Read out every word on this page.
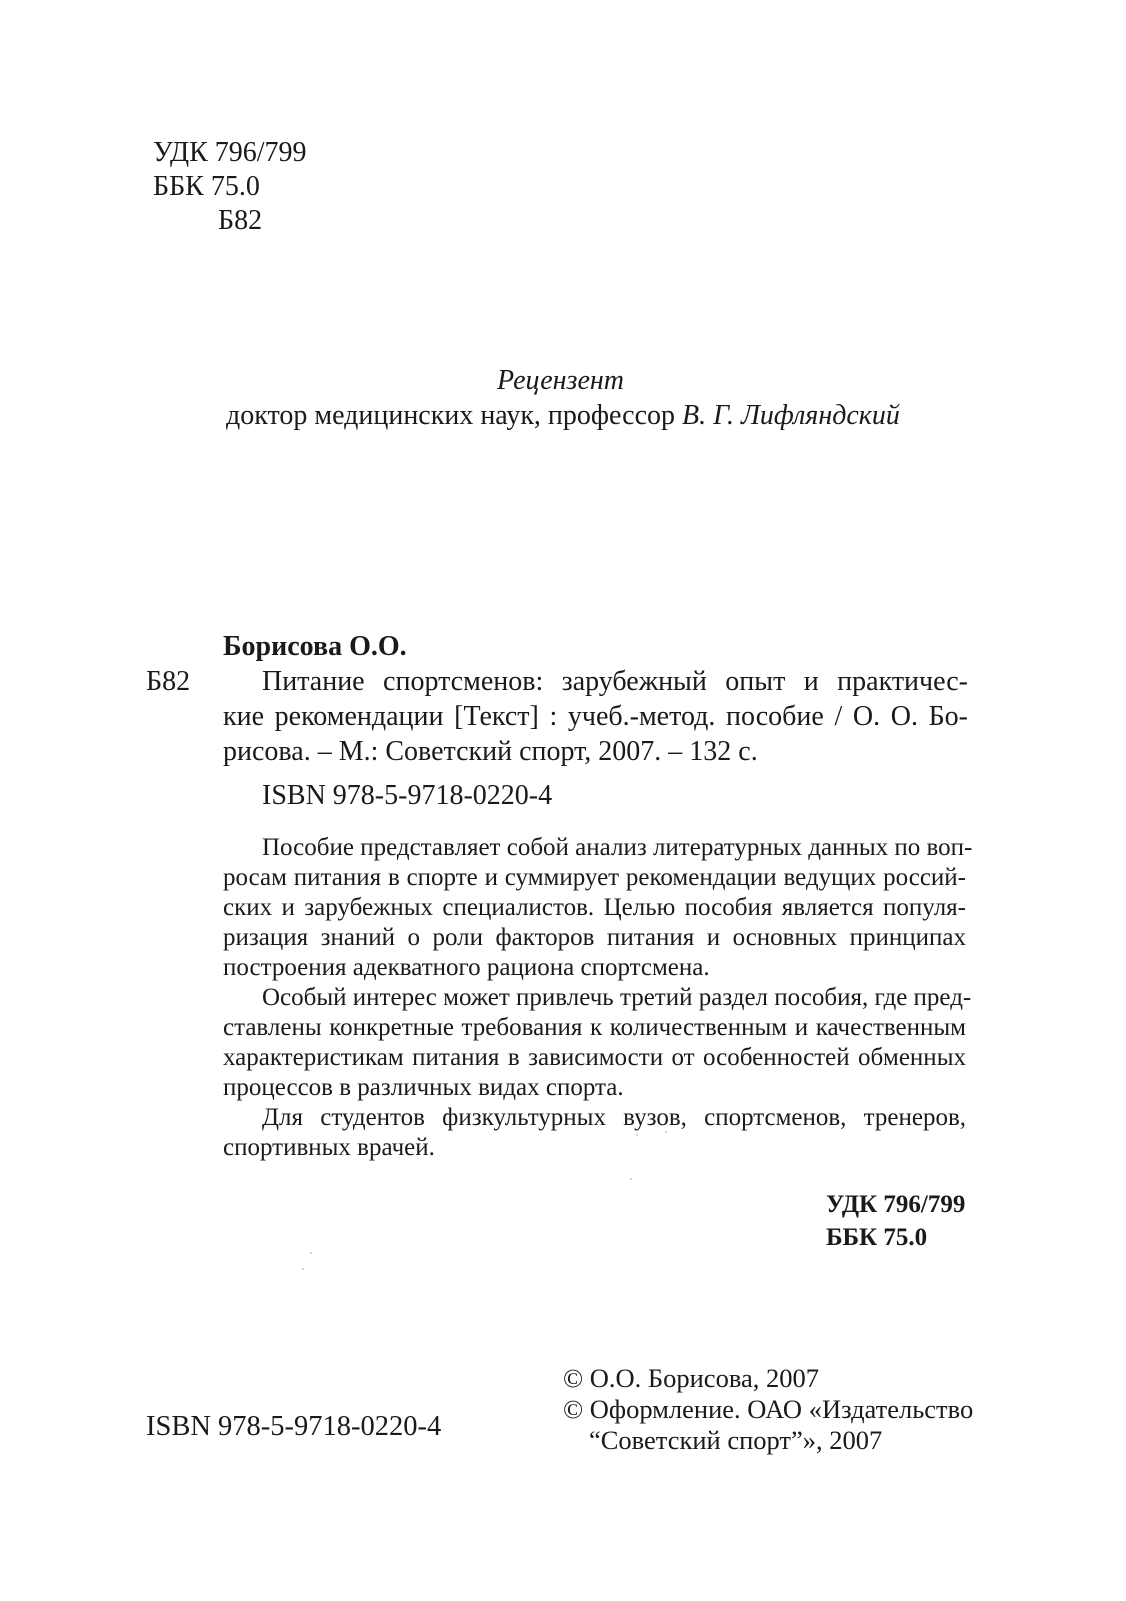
УДК 796/799
ББК 75.0
Б82
Рецензент
доктор медицинских наук, профессор В. Г. Лифляндский
Борисова О.О.
Б82	Питание спортсменов: зарубежный опыт и практичес-
кие рекомендации [Текст] : учеб.-метод. пособие / О. О. Бо-
рисова. – М.: Советский спорт, 2007. – 132 с.
ISBN 978-5-9718-0220-4
Пособие представляет собой анализ литературных данных по воп-
росам питания в спорте и суммирует рекомендации ведущих россий-
ских и зарубежных специалистов. Целью пособия является популя-
ризация знаний о роли факторов питания и основных принципах
построения адекватного рациона спортсмена.
Особый интерес может привлечь третий раздел пособия, где пред-
ставлены конкретные требования к количественным и качественным
характеристикам питания в зависимости от особенностей обменных
процессов в различных видах спорта.
Для студентов физкультурных вузов, спортсменов, тренеров,
спортивных врачей.
УДК 796/799
ББК 75.0
© О.О. Борисова, 2007
© Оформление. ОАО «Издательство
“Советский спорт”», 2007
ISBN 978-5-9718-0220-4
